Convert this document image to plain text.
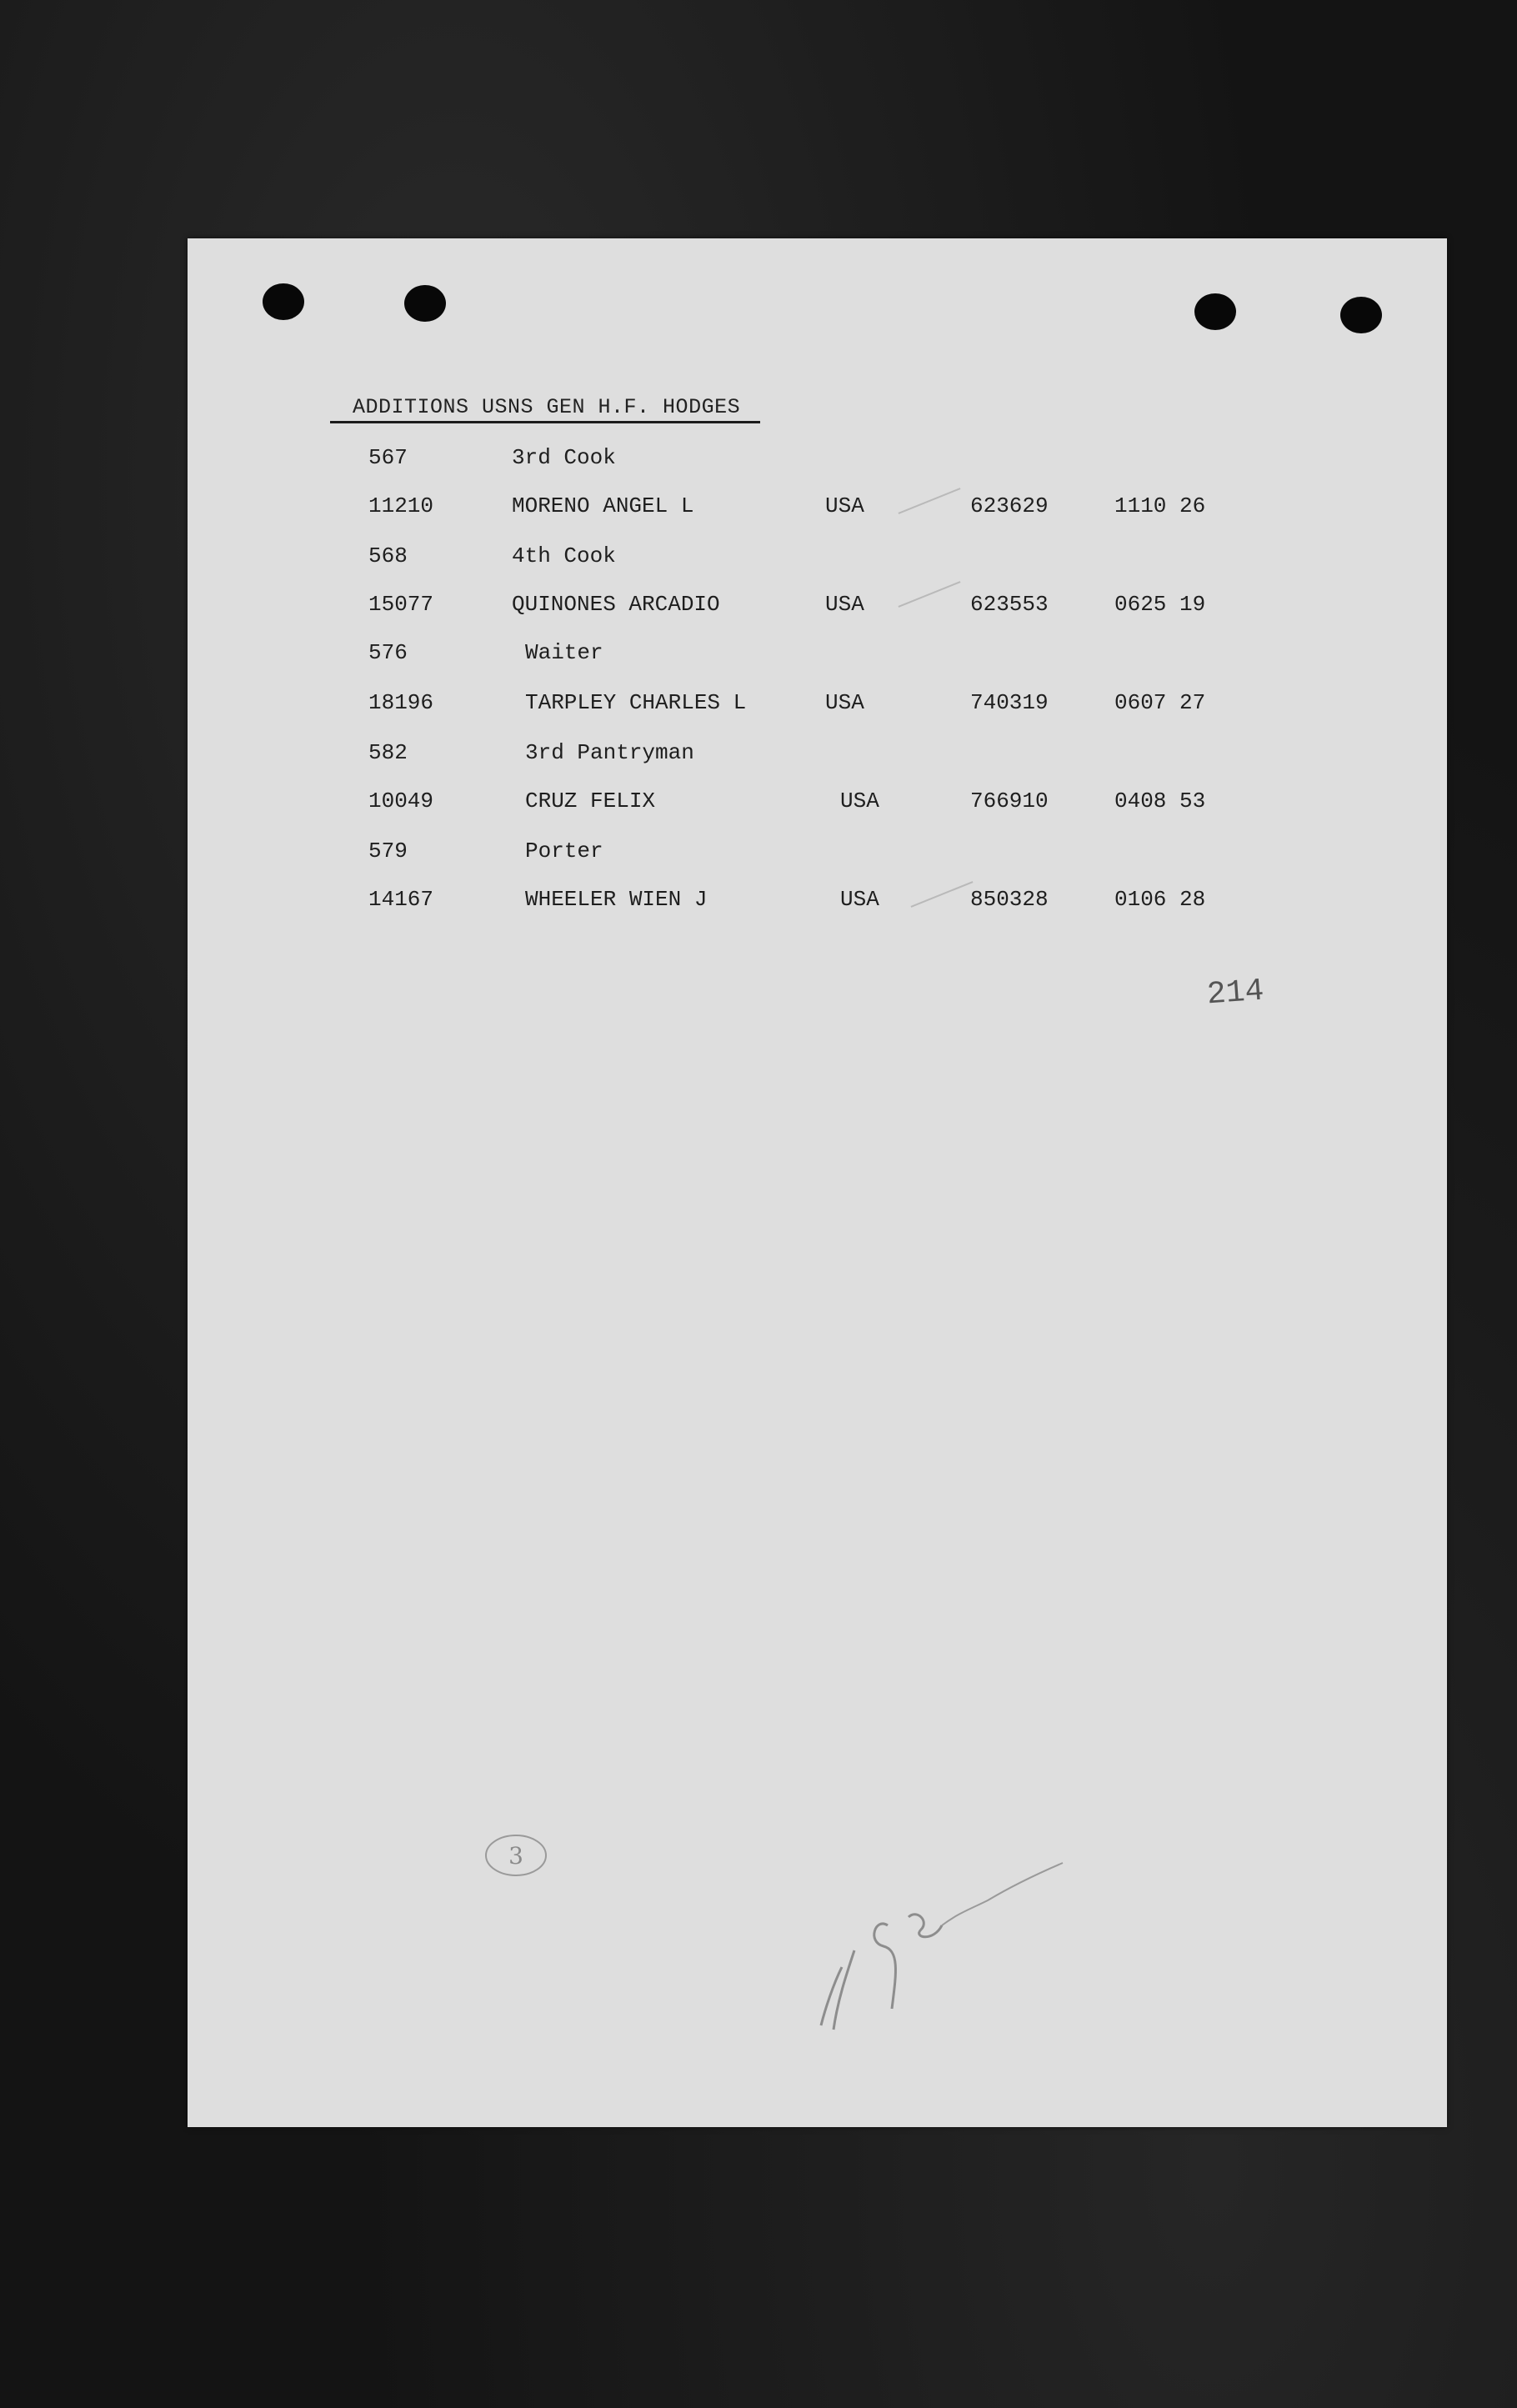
ADDITIONS USNS GEN H.F. HODGES
567	3rd Cook
11210	MORENO ANGEL L	USA	623629	1110 26
568	4th Cook
15077	QUINONES ARCADIO	USA	623553	0625 19
576	Waiter
18196	TARPLEY CHARLES L	USA	740319	0607 27
582	3rd Pantryman
10049	CRUZ FELIX	USA	766910	0408 53
579	Porter
14167	WHEELER WIEN J	USA	850328	0106 28
214
3
